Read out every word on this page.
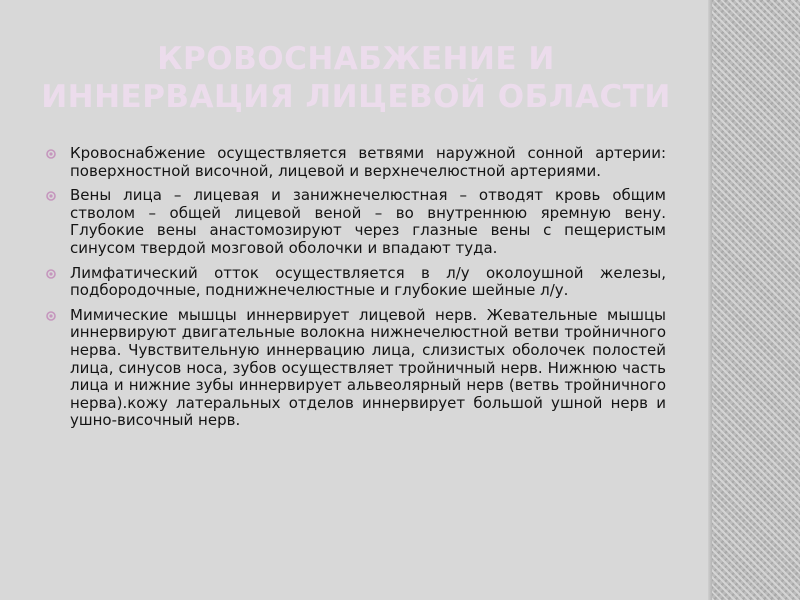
КРОВОСНАБЖЕНИЕ И
ИННЕРВАЦИЯ ЛИЦЕВОЙ ОБЛАСТИ
Кровоснабжение осуществляется ветвями наружной сонной артерии: поверхностной височной, лицевой и верхнечелюстной артериями.
Вены лица – лицевая и занижнечелюстная – отводят кровь общим стволом – общей лицевой веной – во внутреннюю яремную вену. Глубокие вены анастомозируют через глазные вены с пещеристым синусом твердой мозговой оболочки и впадают туда.
Лимфатический отток осуществляется в л/у околоушной железы, подбородочные, поднижнечелюстные и глубокие шейные л/у.
Мимические мышцы иннервирует лицевой нерв. Жевательные мышцы иннервируют двигательные волокна нижнечелюстной ветви тройничного нерва. Чувствительную иннервацию лица, слизистых оболочек полостей лица, синусов носа, зубов осуществляет тройничный нерв. Нижнюю часть лица и нижние зубы иннервирует альвеолярный нерв (ветвь тройничного нерва).кожу латеральных отделов иннервирует большой ушной нерв и ушно-височный нерв.
